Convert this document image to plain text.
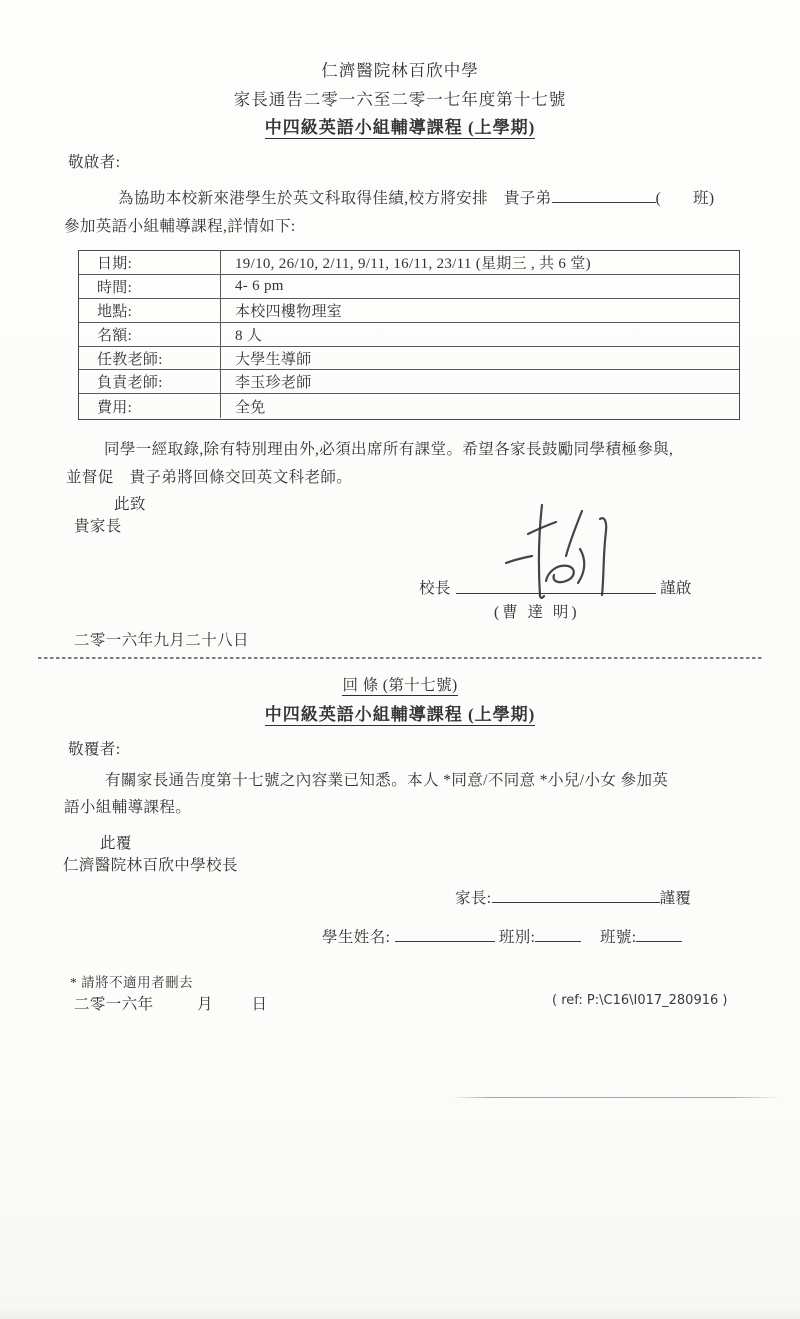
仁濟醫院林百欣中學
家長通告二零一六至二零一七年度第十七號
中四級英語小組輔導課程 (上學期)
敬啟者:
為協助本校新來港學生於英文科取得佳績,校方將安排　貴子弟	(　　班)
參加英語小組輔導課程,詳情如下:
日期:	19/10, 26/10, 2/11, 9/11, 16/11, 23/11 (星期三 , 共 6 堂)
時間:	4- 6 pm
地點:	本校四樓物理室
名額:	8 人
任教老師:	大學生導師
負責老師:	李玉珍老師
費用:	全免
同學一經取錄,除有特別理由外,必須出席所有課堂。希望各家長鼓勵同學積極參與,
並督促　貴子弟將回條交回英文科老師。
此致
貴家長
校長	謹啟
(曹 達 明)
二零一六年九月二十八日
回 條 (第十七號)
中四級英語小組輔導課程 (上學期)
敬覆者:
有關家長通告度第十七號之內容業已知悉。本人 *同意/不同意 *小兒/小女 參加英
語小組輔導課程。
此覆
仁濟醫院林百欣中學校長
家長:	謹覆
學生姓名:	班別:	班號:
* 請將不適用者刪去
二零一六年	月 日	( ref: P:\C16\I017_280916 )
